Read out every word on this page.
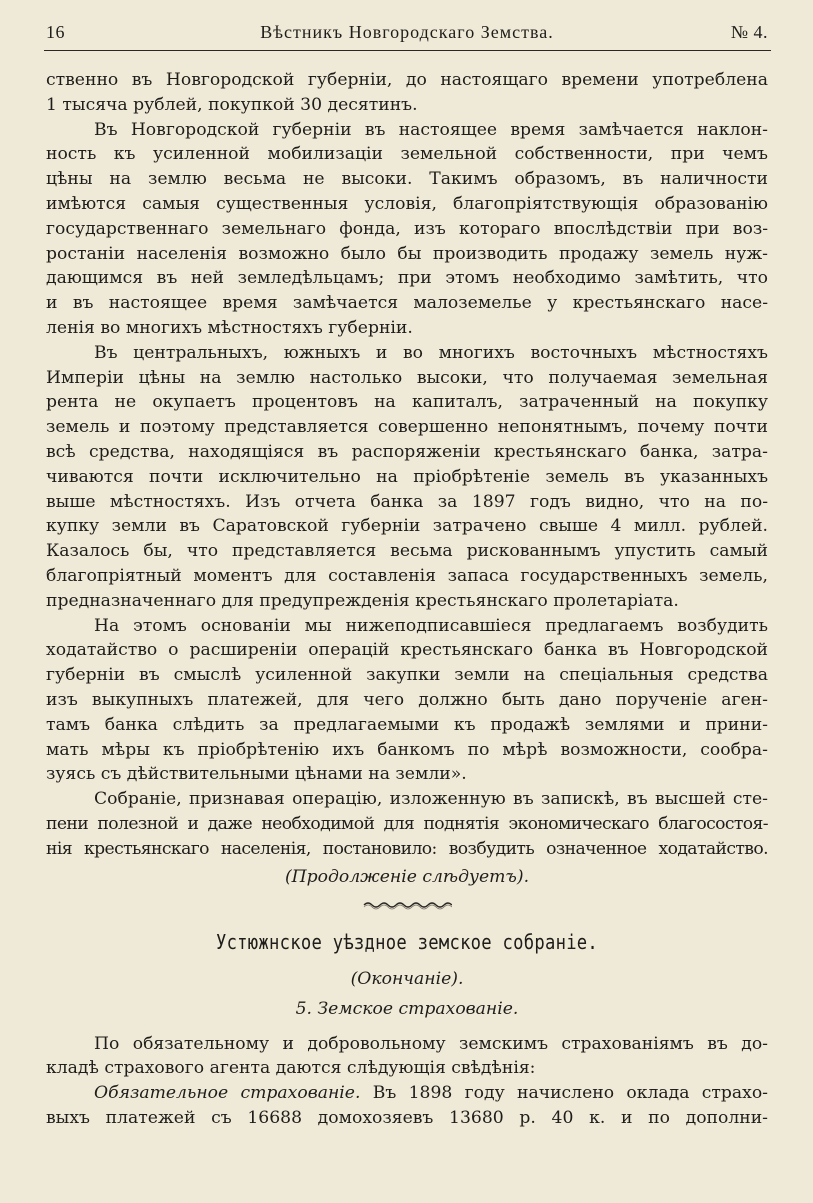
16	Вѣстникъ Новгородскаго Земства.	№ 4.
ственно въ Новгородской губерніи, до настоящаго времени употреблена
1 тысяча рублей, покупкой 30 десятинъ.
Въ Новгородской губерніи въ настоящее время замѣчается наклон-
ность къ усиленной мобилизаціи земельной собственности, при чемъ
цѣны на землю весьма не высоки. Такимъ образомъ, въ наличности
имѣются самыя существенныя условія, благопріятствующія образованію
государственнаго земельнаго фонда, изъ котораго впослѣдствіи при воз-
ростаніи населенія возможно было бы производить продажу земель нуж-
дающимся въ ней земледѣльцамъ; при этомъ необходимо замѣтить, что
и въ настоящее время замѣчается малоземелье у крестьянскаго насе-
ленія во многихъ мѣстностяхъ губерніи.
Въ центральныхъ, южныхъ и во многихъ восточныхъ мѣстностяхъ
Имперіи цѣны на землю настолько высоки, что получаемая земельная
рента не окупаетъ процентовъ на капиталъ, затраченный на покупку
земель и поэтому представляется совершенно непонятнымъ, почему почти
всѣ средства, находящіяся въ распоряженіи крестьянскаго банка, затра-
чиваются почти исключительно на пріобрѣтеніе земель въ указанныхъ
выше мѣстностяхъ. Изъ отчета банка за 1897 годъ видно, что на по-
купку земли въ Саратовской губерніи затрачено свыше 4 милл. рублей.
Казалось бы, что представляется весьма рискованнымъ упустить самый
благопріятный моментъ для составленія запаса государственныхъ земель,
предназначеннаго для предупрежденія крестьянскаго пролетаріата.
На этомъ основаніи мы нижеподписавшіеся предлагаемъ возбудить
ходатайство о расширеніи операцій крестьянскаго банка въ Новгородской
губерніи въ смыслѣ усиленной закупки земли на спеціальныя средства
изъ выкупныхъ платежей, для чего должно быть дано порученіе аген-
тамъ банка слѣдить за предлагаемыми къ продажѣ землями и прини-
мать мѣры къ пріобрѣтенію ихъ банкомъ по мѣрѣ возможности, сообра-
зуясь съ дѣйствительными цѣнами на земли».
Собраніе, признавая операцію, изложенную въ запискѣ, въ высшей сте-
пени полезной и даже необходимой для поднятія экономическаго благосостоя-
нія крестьянскаго населенія, постановило: возбудить означенное ходатайство.
(Продолженіе слѣдуетъ).
Устюжнское уѣздное земское собраніе.
(Окончаніе).
5. Земское страхованіе.
По обязательному и добровольному земскимъ страхованіямъ въ до-
кладѣ страхового агента даются слѣдующія свѣдѣнія:
Обязательное страхованіе. Въ 1898 году начислено оклада страхо-
выхъ платежей съ 16688 домохозяевъ 13680 р. 40 к. и по дополни-
